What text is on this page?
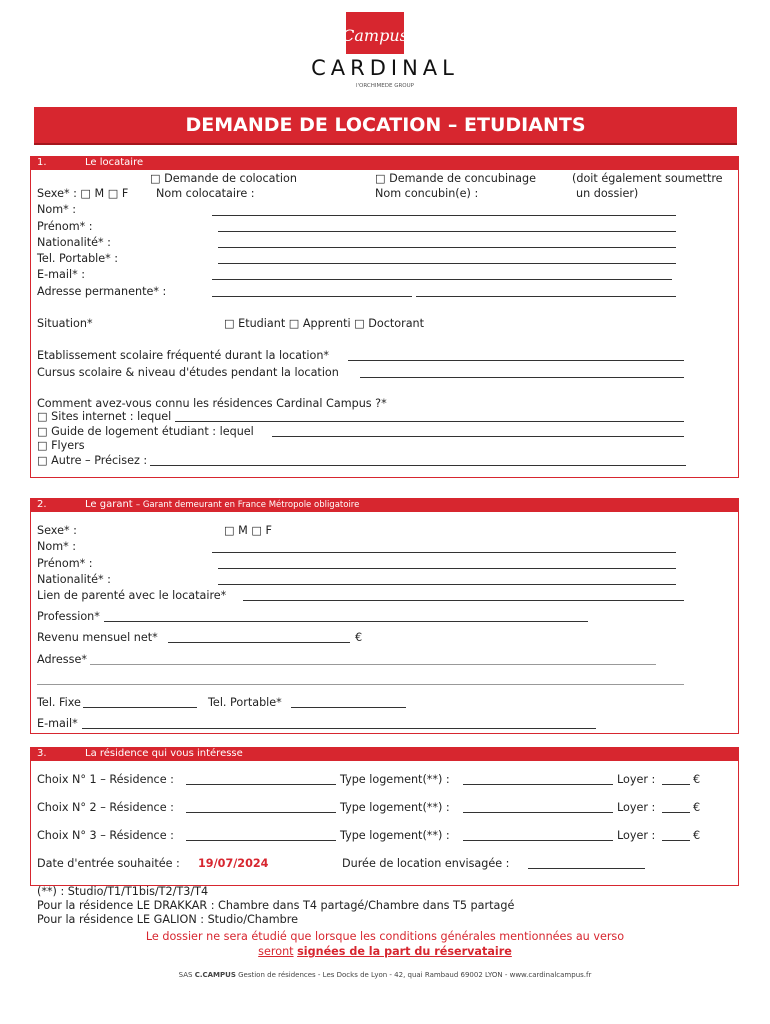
Campus
CARDINAL
l'ORCHIMEDE GROUP
DEMANDE DE LOCATION – ETUDIANTS
1.	Le locataire
□ Demande de colocation
Nom colocataire :
□ Demande de concubinage
Nom concubin(e) :
(doit également soumettre
un dossier)
Sexe* : □ M □ F
Nom* :
Prénom* :
Nationalité* :
Tel. Portable* :
E-mail* :
Adresse permanente* :
Situation*	□ Etudiant □ Apprenti □ Doctorant
Etablissement scolaire fréquenté durant la location*
Cursus scolaire & niveau d'études pendant la location
Comment avez-vous connu les résidences Cardinal Campus ?*
□ Sites internet : lequel
□ Guide de logement étudiant : lequel
□ Flyers
□ Autre – Précisez :
2.	Le garant – Garant demeurant en France Métropole obligatoire
Sexe* :	□ M □ F
Nom* :
Prénom* :
Nationalité* :
Lien de parenté avec le locataire*
Profession*
Revenu mensuel net*	€
Adresse*
Tel. Fixe	Tel. Portable*
E-mail*
3.	La résidence qui vous intéresse
Choix N° 1 – Résidence :	Type logement(**) :	Loyer :	€
Choix N° 2 – Résidence :	Type logement(**) :	Loyer :	€
Choix N° 3 – Résidence :	Type logement(**) :	Loyer :	€
Date d'entrée souhaitée : 19/07/2024	Durée de location envisagée :
(**) : Studio/T1/T1bis/T2/T3/T4
Pour la résidence LE DRAKKAR : Chambre dans T4 partagé/Chambre dans T5 partagé
Pour la résidence LE GALION : Studio/Chambre
Le dossier ne sera étudié que lorsque les conditions générales mentionnées au verso
seront signées de la part du réservataire
SAS C.CAMPUS Gestion de résidences - Les Docks de Lyon - 42, quai Rambaud 69002 LYON - www.cardinalcampus.fr
